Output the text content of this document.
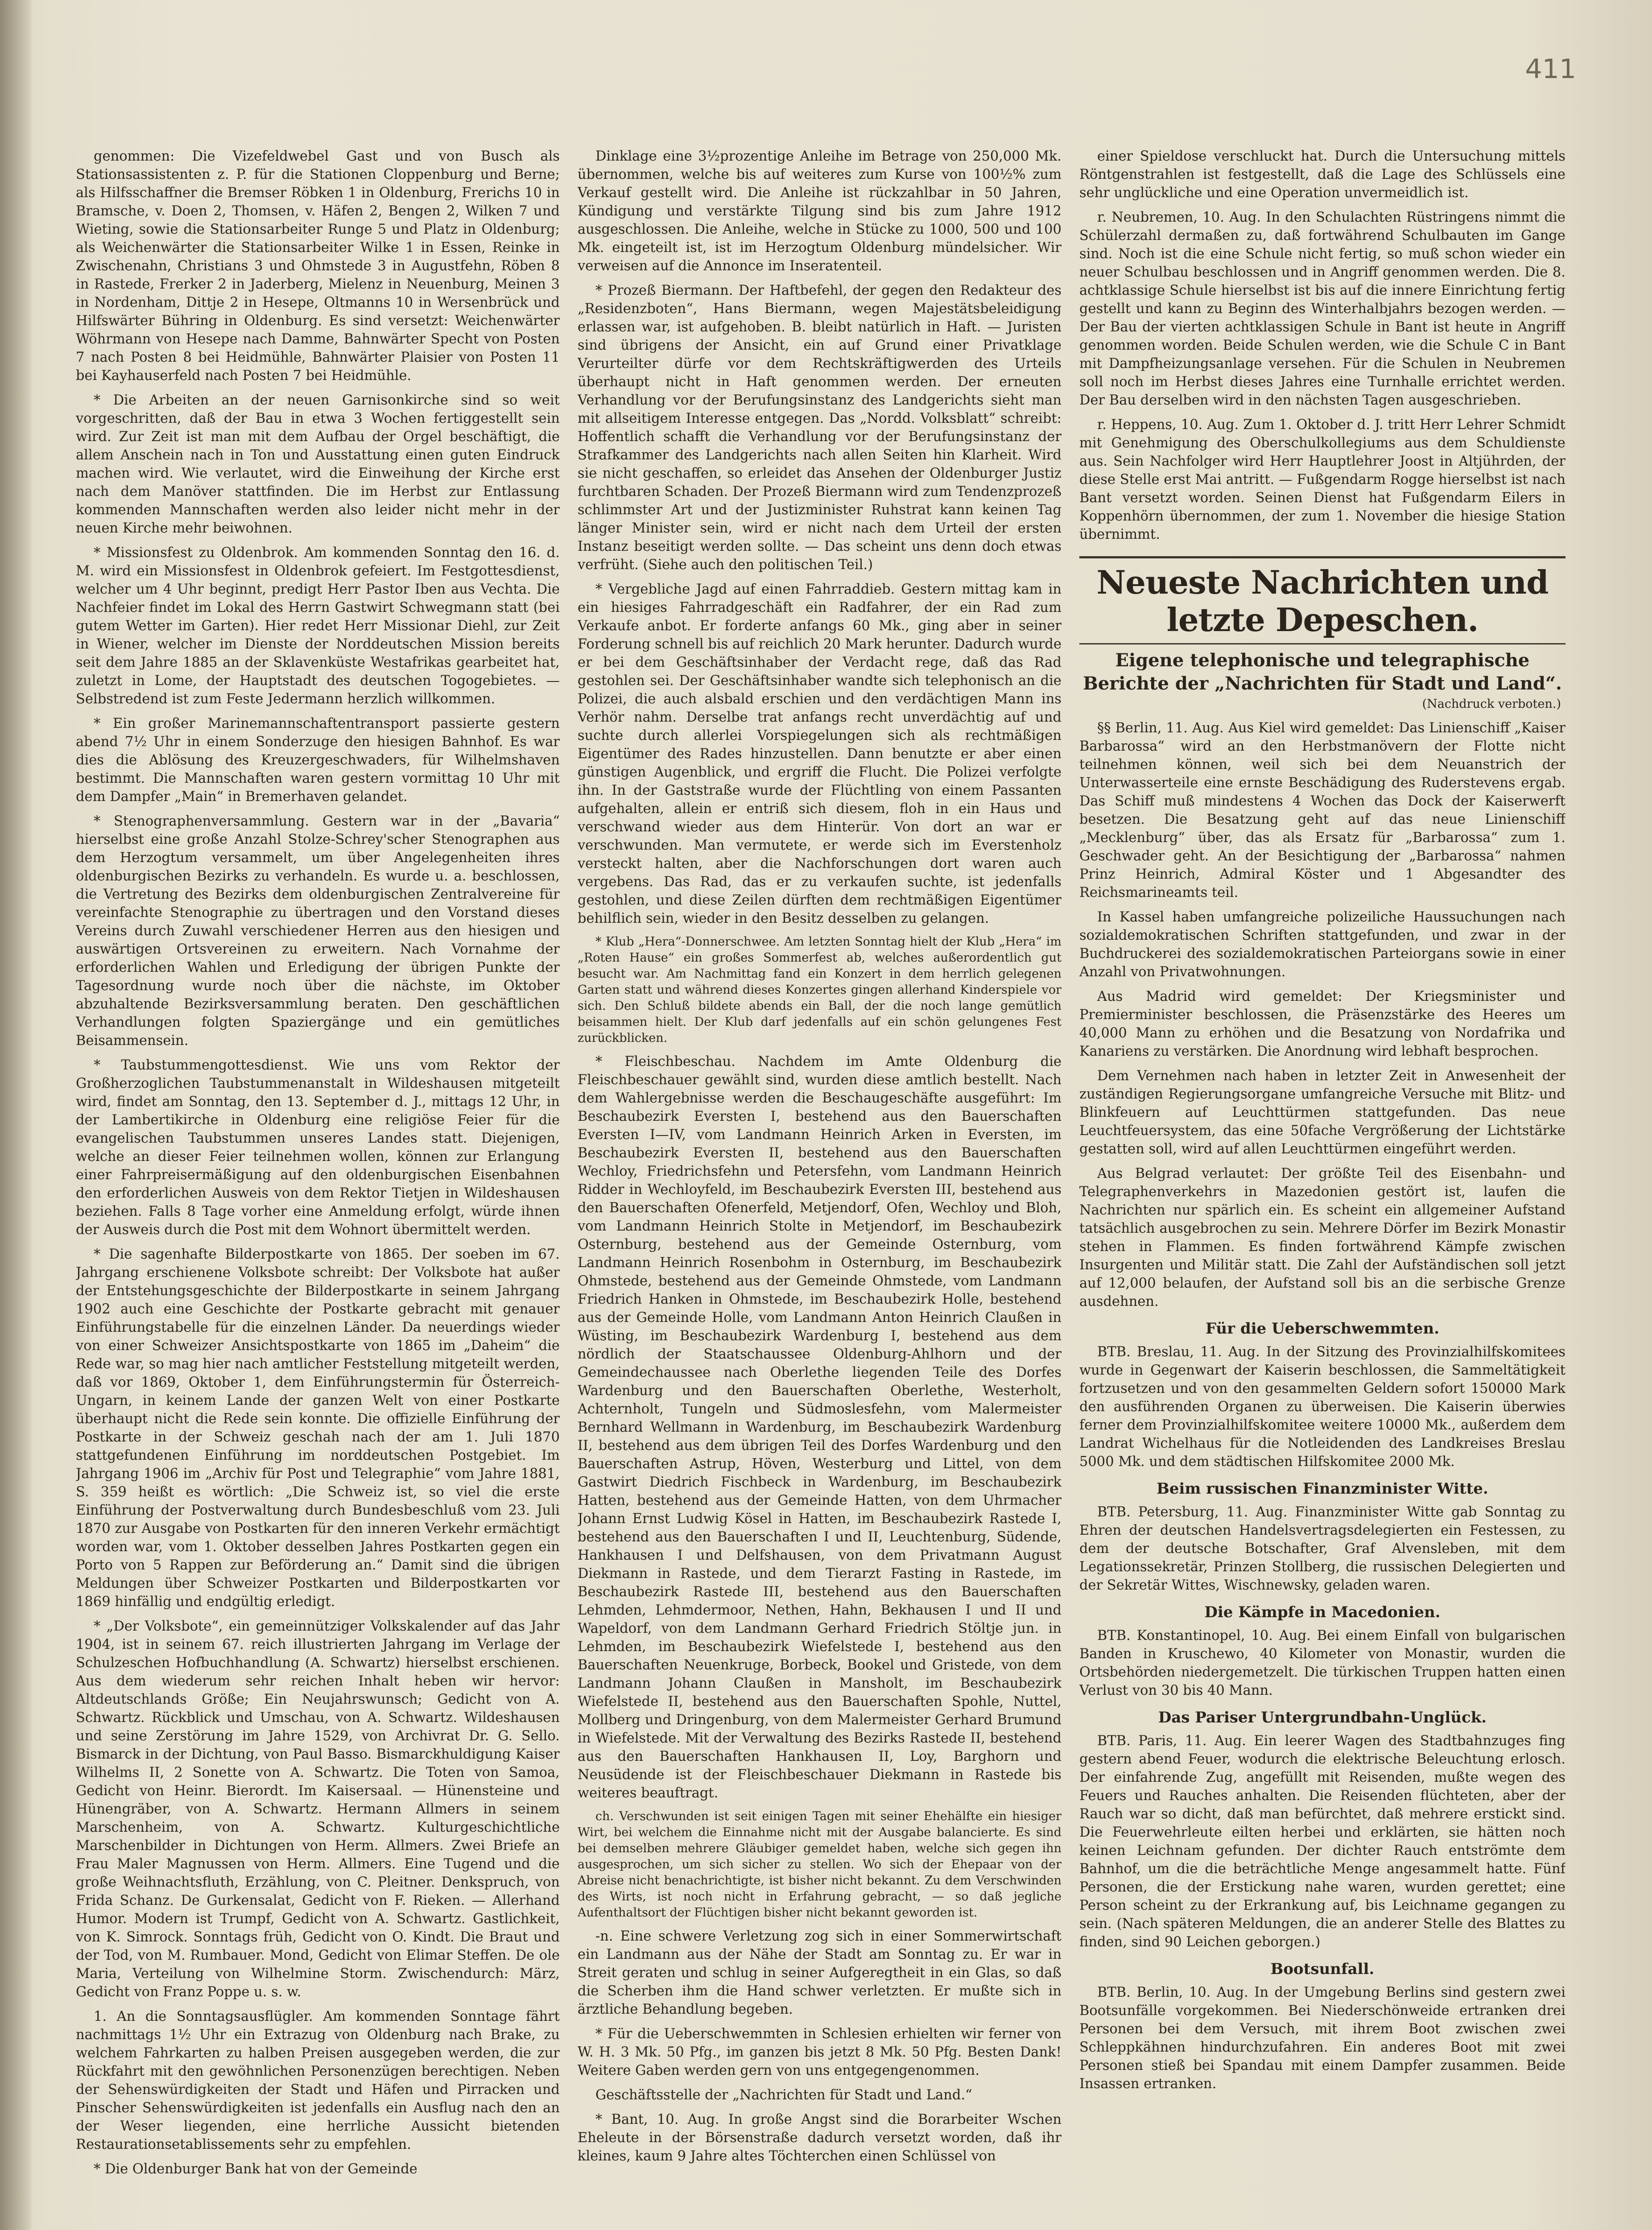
411

genommen: Die Vizefeldwebel Gast und von Busch als Stationsassistenten z. P. für die Stationen Cloppenburg und Berne; als Hilfsschaffner die Bremser Röbken 1 in Oldenburg, Frerichs 10 in Bramsche, v. Doen 2, Thomsen, v. Häfen 2, Bengen 2, Wilken 7 und Wieting, sowie die Stationsarbeiter Runge 5 und Platz in Oldenburg; als Weichenwärter die Stationsarbeiter Wilke 1 in Essen, Reinke in Zwischenahn, Christians 3 und Ohmstede 3 in Augustfehn, Röben 8 in Rastede, Frerker 2 in Jaderberg, Mielenz in Neuenburg, Meinen 3 in Nordenham, Dittje 2 in Hesepe, Oltmanns 10 in Wersenbrück und Hilfswärter Bühring in Oldenburg. Es sind versetzt: Weichenwärter Wöhrmann von Hesepe nach Damme, Bahnwärter Specht von Posten 7 nach Posten 8 bei Heidmühle, Bahnwärter Plaisier von Posten 11 bei Kayhauserfeld nach Posten 7 bei Heidmühle.

* Die Arbeiten an der neuen Garnisonkirche sind so weit vorgeschritten, daß der Bau in etwa 3 Wochen fertiggestellt sein wird. Zur Zeit ist man mit dem Aufbau der Orgel beschäftigt, die allem Anschein nach in Ton und Ausstattung einen guten Eindruck machen wird. Wie verlautet, wird die Einweihung der Kirche erst nach dem Manöver stattfinden. Die im Herbst zur Entlassung kommenden Mannschaften werden also leider nicht mehr in der neuen Kirche mehr beiwohnen.

* Missionsfest zu Oldenbrok. Am kommenden Sonntag den 16. d. M. wird ein Missionsfest in Oldenbrok gefeiert. Im Festgottesdienst, welcher um 4 Uhr beginnt, predigt Herr Pastor Iben aus Vechta. Die Nachfeier findet im Lokal des Herrn Gastwirt Schwegmann statt (bei gutem Wetter im Garten). Hier redet Herr Missionar Diehl, zur Zeit in Wiener, welcher im Dienste der Norddeutschen Mission bereits seit dem Jahre 1885 an der Sklavenküste Westafrikas gearbeitet hat, zuletzt in Lome, der Hauptstadt des deutschen Togogebietes. — Selbstredend ist zum Feste Jedermann herzlich willkommen.

* Ein großer Marinemannschaftentransport passierte gestern abend 7½ Uhr in einem Sonderzuge den hiesigen Bahnhof. Es war dies die Ablösung des Kreuzergeschwaders, für Wilhelmshaven bestimmt. Die Mannschaften waren gestern vormittag 10 Uhr mit dem Dampfer „Main“ in Bremerhaven gelandet.

* Stenographenversammlung. Gestern war in der „Bavaria“ hierselbst eine große Anzahl Stolze-Schrey'scher Stenographen aus dem Herzogtum versammelt, um über Angelegenheiten ihres oldenburgischen Bezirks zu verhandeln. Es wurde u. a. beschlossen, die Vertretung des Bezirks dem oldenburgischen Zentralvereine für vereinfachte Stenographie zu übertragen und den Vorstand dieses Vereins durch Zuwahl verschiedener Herren aus den hiesigen und auswärtigen Ortsvereinen zu erweitern. Nach Vornahme der erforderlichen Wahlen und Erledigung der übrigen Punkte der Tagesordnung wurde noch über die nächste, im Oktober abzuhaltende Bezirksversammlung beraten. Den geschäftlichen Verhandlungen folgten Spaziergänge und ein gemütliches Beisammensein.

* Taubstummengottesdienst. Wie uns vom Rektor der Großherzoglichen Taubstummenanstalt in Wildeshausen mitgeteilt wird, findet am Sonntag, den 13. September d. J., mittags 12 Uhr, in der Lambertikirche in Oldenburg eine religiöse Feier für die evangelischen Taubstummen unseres Landes statt. Diejenigen, welche an dieser Feier teilnehmen wollen, können zur Erlangung einer Fahrpreisermäßigung auf den oldenburgischen Eisenbahnen den erforderlichen Ausweis von dem Rektor Tietjen in Wildeshausen beziehen. Falls 8 Tage vorher eine Anmeldung erfolgt, würde ihnen der Ausweis durch die Post mit dem Wohnort übermittelt werden.

* Die sagenhafte Bilderpostkarte von 1865. Der soeben im 67. Jahrgang erschienene Volksbote schreibt: Der Volksbote hat außer der Entstehungsgeschichte der Bilderpostkarte in seinem Jahrgang 1902 auch eine Geschichte der Postkarte gebracht mit genauer Einführungstabelle für die einzelnen Länder. Da neuerdings wieder von einer Schweizer Ansichtspostkarte von 1865 im „Daheim“ die Rede war, so mag hier nach amtlicher Feststellung mitgeteilt werden, daß vor 1869, Oktober 1, dem Einführungstermin für Österreich-Ungarn, in keinem Lande der ganzen Welt von einer Postkarte überhaupt nicht die Rede sein konnte. Die offizielle Einführung der Postkarte in der Schweiz geschah nach der am 1. Juli 1870 stattgefundenen Einführung im norddeutschen Postgebiet. Im Jahrgang 1906 im „Archiv für Post und Telegraphie“ vom Jahre 1881, S. 359 heißt es wörtlich: „Die Schweiz ist, so viel die erste Einführung der Postverwaltung durch Bundesbeschluß vom 23. Juli 1870 zur Ausgabe von Postkarten für den inneren Verkehr ermächtigt worden war, vom 1. Oktober desselben Jahres Postkarten gegen ein Porto von 5 Rappen zur Beförderung an.“ Damit sind die übrigen Meldungen über Schweizer Postkarten und Bilderpostkarten vor 1869 hinfällig und endgültig erledigt.

* „Der Volksbote“, ein gemeinnütziger Volkskalender auf das Jahr 1904, ist in seinem 67. reich illustrierten Jahrgang im Verlage der Schulzeschen Hofbuchhandlung (A. Schwartz) hierselbst erschienen. Aus dem wiederum sehr reichen Inhalt heben wir hervor: Altdeutschlands Größe; Ein Neujahrswunsch; Gedicht von A. Schwartz. Rückblick und Umschau, von A. Schwartz. Wildeshausen und seine Zerstörung im Jahre 1529, von Archivrat Dr. G. Sello. Bismarck in der Dichtung, von Paul Basso. Bismarckhuldigung Kaiser Wilhelms II, 2 Sonette von A. Schwartz. Die Toten von Samoa, Gedicht von Heinr. Bierordt. Im Kaisersaal. — Hünensteine und Hünengräber, von A. Schwartz. Hermann Allmers in seinem Marschenheim, von A. Schwartz. Kulturgeschichtliche Marschenbilder in Dichtungen von Herm. Allmers. Zwei Briefe an Frau Maler Magnussen von Herm. Allmers. Eine Tugend und die große Weihnachtsfluth, Erzählung, von C. Pleitner. Denkspruch, von Frida Schanz. De Gurkensalat, Gedicht von F. Rieken. — Allerhand Humor. Modern ist Trumpf, Gedicht von A. Schwartz. Gastlichkeit, von K. Simrock. Sonntags früh, Gedicht von O. Kindt. Die Braut und der Tod, von M. Rumbauer. Mond, Gedicht von Elimar Steffen. De ole Maria, Verteilung von Wilhelmine Storm. Zwischendurch: März, Gedicht von Franz Poppe u. s. w.

1. An die Sonntagsausflügler. Am kommenden Sonntage fährt nachmittags 1½ Uhr ein Extrazug von Oldenburg nach Brake, zu welchem Fahrkarten zu halben Preisen ausgegeben werden, die zur Rückfahrt mit den gewöhnlichen Personenzügen berechtigen. Neben der Sehenswürdigkeiten der Stadt und Häfen und Pirracken und Pinscher Sehenswürdigkeiten ist jedenfalls ein Ausflug nach den an der Weser liegenden, eine herrliche Aussicht bietenden Restaurationsetablissements sehr zu empfehlen.

* Die Oldenburger Bank hat von der Gemeinde

Dinklage eine 3½prozentige Anleihe im Betrage von 250,000 Mk. übernommen, welche bis auf weiteres zum Kurse von 100½% zum Verkauf gestellt wird. Die Anleihe ist rückzahlbar in 50 Jahren, Kündigung und verstärkte Tilgung sind bis zum Jahre 1912 ausgeschlossen. Die Anleihe, welche in Stücke zu 1000, 500 und 100 Mk. eingeteilt ist, ist im Herzogtum Oldenburg mündelsicher. Wir verweisen auf die Annonce im Inseratenteil.

* Prozeß Biermann. Der Haftbefehl, der gegen den Redakteur des „Residenzboten“, Hans Biermann, wegen Majestätsbeleidigung erlassen war, ist aufgehoben. B. bleibt natürlich in Haft. — Juristen sind übrigens der Ansicht, ein auf Grund einer Privatklage Verurteilter dürfe vor dem Rechtskräftigwerden des Urteils überhaupt nicht in Haft genommen werden. Der erneuten Verhandlung vor der Berufungsinstanz des Landgerichts sieht man mit allseitigem Interesse entgegen. Das „Nordd. Volksblatt“ schreibt: Hoffentlich schafft die Verhandlung vor der Berufungsinstanz der Strafkammer des Landgerichts nach allen Seiten hin Klarheit. Wird sie nicht geschaffen, so erleidet das Ansehen der Oldenburger Justiz furchtbaren Schaden. Der Prozeß Biermann wird zum Tendenzprozeß schlimmster Art und der Justizminister Ruhstrat kann keinen Tag länger Minister sein, wird er nicht nach dem Urteil der ersten Instanz beseitigt werden sollte. — Das scheint uns denn doch etwas verfrüht. (Siehe auch den politischen Teil.)

* Vergebliche Jagd auf einen Fahrraddieb. Gestern mittag kam in ein hiesiges Fahrradgeschäft ein Radfahrer, der ein Rad zum Verkaufe anbot. Er forderte anfangs 60 Mk., ging aber in seiner Forderung schnell bis auf reichlich 20 Mark herunter. Dadurch wurde er bei dem Geschäftsinhaber der Verdacht rege, daß das Rad gestohlen sei. Der Geschäftsinhaber wandte sich telephonisch an die Polizei, die auch alsbald erschien und den verdächtigen Mann ins Verhör nahm. Derselbe trat anfangs recht unverdächtig auf und suchte durch allerlei Vorspiegelungen sich als rechtmäßigen Eigentümer des Rades hinzustellen. Dann benutzte er aber einen günstigen Augenblick, und ergriff die Flucht. Die Polizei verfolgte ihn. In der Gaststraße wurde der Flüchtling von einem Passanten aufgehalten, allein er entriß sich diesem, floh in ein Haus und verschwand wieder aus dem Hinterür. Von dort an war er verschwunden. Man vermutete, er werde sich im Everstenholz versteckt halten, aber die Nachforschungen dort waren auch vergebens. Das Rad, das er zu verkaufen suchte, ist jedenfalls gestohlen, und diese Zeilen dürften dem rechtmäßigen Eigentümer behilflich sein, wieder in den Besitz desselben zu gelangen.

* Klub „Hera“-Donnerschwee. Am letzten Sonntag hielt der Klub „Hera“ im „Roten Hause“ ein großes Sommerfest ab, welches außerordentlich gut besucht war. Am Nachmittag fand ein Konzert in dem herrlich gelegenen Garten statt und während dieses Konzertes gingen allerhand Kinderspiele vor sich. Den Schluß bildete abends ein Ball, der die noch lange gemütlich beisammen hielt. Der Klub darf jedenfalls auf ein schön gelungenes Fest zurückblicken.

* Fleischbeschau. Nachdem im Amte Oldenburg die Fleischbeschauer gewählt sind, wurden diese amtlich bestellt. Nach dem Wahlergebnisse werden die Beschaugeschäfte ausgeführt: Im Beschaubezirk Eversten I, bestehend aus den Bauerschaften Eversten I—IV, vom Landmann Heinrich Arken in Eversten, im Beschaubezirk Eversten II, bestehend aus den Bauerschaften Wechloy, Friedrichsfehn und Petersfehn, vom Landmann Heinrich Ridder in Wechloyfeld, im Beschaubezirk Eversten III, bestehend aus den Bauerschaften Ofenerfeld, Metjendorf, Ofen, Wechloy und Bloh, vom Landmann Heinrich Stolte in Metjendorf, im Beschaubezirk Osternburg, bestehend aus der Gemeinde Osternburg, vom Landmann Heinrich Rosenbohm in Osternburg, im Beschaubezirk Ohmstede, bestehend aus der Gemeinde Ohmstede, vom Landmann Friedrich Hanken in Ohmstede, im Beschaubezirk Holle, bestehend aus der Gemeinde Holle, vom Landmann Anton Heinrich Claußen in Wüsting, im Beschaubezirk Wardenburg I, bestehend aus dem nördlich der Staatschaussee Oldenburg-Ahlhorn und der Gemeindechaussee nach Oberlethe liegenden Teile des Dorfes Wardenburg und den Bauerschaften Oberlethe, Westerholt, Achternholt, Tungeln und Südmoslesfehn, vom Malermeister Bernhard Wellmann in Wardenburg, im Beschaubezirk Wardenburg II, bestehend aus dem übrigen Teil des Dorfes Wardenburg und den Bauerschaften Astrup, Höven, Westerburg und Littel, von dem Gastwirt Diedrich Fischbeck in Wardenburg, im Beschaubezirk Hatten, bestehend aus der Gemeinde Hatten, von dem Uhrmacher Johann Ernst Ludwig Kösel in Hatten, im Beschaubezirk Rastede I, bestehend aus den Bauerschaften I und II, Leuchtenburg, Südende, Hankhausen I und Delfshausen, von dem Privatmann August Diekmann in Rastede, und dem Tierarzt Fasting in Rastede, im Beschaubezirk Rastede III, bestehend aus den Bauerschaften Lehmden, Lehmdermoor, Nethen, Hahn, Bekhausen I und II und Wapeldorf, von dem Landmann Gerhard Friedrich Stöltje jun. in Lehmden, im Beschaubezirk Wiefelstede I, bestehend aus den Bauerschaften Neuenkruge, Borbeck, Bookel und Gristede, von dem Landmann Johann Claußen in Mansholt, im Beschaubezirk Wiefelstede II, bestehend aus den Bauerschaften Spohle, Nuttel, Mollberg und Dringenburg, von dem Malermeister Gerhard Brumund in Wiefelstede. Mit der Verwaltung des Bezirks Rastede II, bestehend aus den Bauerschaften Hankhausen II, Loy, Barghorn und Neusüdende ist der Fleischbeschauer Diekmann in Rastede bis weiteres beauftragt.

ch. Verschwunden ist seit einigen Tagen mit seiner Ehehälfte ein hiesiger Wirt, bei welchem die Einnahme nicht mit der Ausgabe balancierte. Es sind bei demselben mehrere Gläubiger gemeldet haben, welche sich gegen ihn ausgesprochen, um sich sicher zu stellen. Wo sich der Ehepaar von der Abreise nicht benachrichtigte, ist bisher nicht bekannt. Zu dem Verschwinden des Wirts, ist noch nicht in Erfahrung gebracht, — so daß jegliche Aufenthaltsort der Flüchtigen bisher nicht bekannt geworden ist.

-n. Eine schwere Verletzung zog sich in einer Sommerwirtschaft ein Landmann aus der Nähe der Stadt am Sonntag zu. Er war in Streit geraten und schlug in seiner Aufgeregtheit in ein Glas, so daß die Scherben ihm die Hand schwer verletzten. Er mußte sich in ärztliche Behandlung begeben.

* Für die Ueberschwemmten in Schlesien erhielten wir ferner von W. H. 3 Mk. 50 Pfg., im ganzen bis jetzt 8 Mk. 50 Pfg. Besten Dank! Weitere Gaben werden gern von uns entgegengenommen.

Geschäftsstelle der „Nachrichten für Stadt und Land.“

* Bant, 10. Aug. In große Angst sind die Borarbeiter Wschen Eheleute in der Börsenstraße dadurch versetzt worden, daß ihr kleines, kaum 9 Jahre altes Töchterchen einen Schlüssel von

einer Spieldose verschluckt hat. Durch die Untersuchung mittels Röntgenstrahlen ist festgestellt, daß die Lage des Schlüssels eine sehr unglückliche und eine Operation unvermeidlich ist.

r. Neubremen, 10. Aug. In den Schulachten Rüstringens nimmt die Schülerzahl dermaßen zu, daß fortwährend Schulbauten im Gange sind. Noch ist die eine Schule nicht fertig, so muß schon wieder ein neuer Schulbau beschlossen und in Angriff genommen werden. Die 8. achtklassige Schule hierselbst ist bis auf die innere Einrichtung fertig gestellt und kann zu Beginn des Winterhalbjahrs bezogen werden. — Der Bau der vierten achtklassigen Schule in Bant ist heute in Angriff genommen worden. Beide Schulen werden, wie die Schule C in Bant mit Dampfheizungsanlage versehen. Für die Schulen in Neubremen soll noch im Herbst dieses Jahres eine Turnhalle errichtet werden. Der Bau derselben wird in den nächsten Tagen ausgeschrieben.

r. Heppens, 10. Aug. Zum 1. Oktober d. J. tritt Herr Lehrer Schmidt mit Genehmigung des Oberschulkollegiums aus dem Schuldienste aus. Sein Nachfolger wird Herr Hauptlehrer Joost in Altjührden, der diese Stelle erst Mai antritt. — Fußgendarm Rogge hierselbst ist nach Bant versetzt worden. Seinen Dienst hat Fußgendarm Eilers in Koppenhörn übernommen, der zum 1. November die hiesige Station übernimmt.

Neueste Nachrichten und letzte Depeschen.
Eigene telephonische und telegraphische Berichte der „Nachrichten für Stadt und Land“.
(Nachdruck verboten.)

§§ Berlin, 11. Aug. Aus Kiel wird gemeldet: Das Linienschiff „Kaiser Barbarossa“ wird an den Herbstmanövern der Flotte nicht teilnehmen können, weil sich bei dem Neuanstrich der Unterwasserteile eine ernste Beschädigung des Ruderstevens ergab. Das Schiff muß mindestens 4 Wochen das Dock der Kaiserwerft besetzen. Die Besatzung geht auf das neue Linienschiff „Mecklenburg“ über, das als Ersatz für „Barbarossa“ zum 1. Geschwader geht. An der Besichtigung der „Barbarossa“ nahmen Prinz Heinrich, Admiral Köster und 1 Abgesandter des Reichsmarineamts teil.

In Kassel haben umfangreiche polizeiliche Haussuchungen nach sozialdemokratischen Schriften stattgefunden, und zwar in der Buchdruckerei des sozialdemokratischen Parteiorgans sowie in einer Anzahl von Privatwohnungen.

Aus Madrid wird gemeldet: Der Kriegsminister und Premierminister beschlossen, die Präsenzstärke des Heeres um 40,000 Mann zu erhöhen und die Besatzung von Nordafrika und Kanariens zu verstärken. Die Anordnung wird lebhaft besprochen.

Dem Vernehmen nach haben in letzter Zeit in Anwesenheit der zuständigen Regierungsorgane umfangreiche Versuche mit Blitz- und Blinkfeuern auf Leuchttürmen stattgefunden. Das neue Leuchtfeuersystem, das eine 50fache Vergrößerung der Lichtstärke gestatten soll, wird auf allen Leuchttürmen eingeführt werden.

Aus Belgrad verlautet: Der größte Teil des Eisenbahn- und Telegraphenverkehrs in Mazedonien gestört ist, laufen die Nachrichten nur spärlich ein. Es scheint ein allgemeiner Aufstand tatsächlich ausgebrochen zu sein. Mehrere Dörfer im Bezirk Monastir stehen in Flammen. Es finden fortwährend Kämpfe zwischen Insurgenten und Militär statt. Die Zahl der Aufständischen soll jetzt auf 12,000 belaufen, der Aufstand soll bis an die serbische Grenze ausdehnen.

Für die Ueberschwemmten.

BTB. Breslau, 11. Aug. In der Sitzung des Provinzialhilfskomitees wurde in Gegenwart der Kaiserin beschlossen, die Sammeltätigkeit fortzusetzen und von den gesammelten Geldern sofort 150000 Mark den ausführenden Organen zu überweisen. Die Kaiserin überwies ferner dem Provinzialhilfskomitee weitere 10000 Mk., außerdem dem Landrat Wichelhaus für die Notleidenden des Landkreises Breslau 5000 Mk. und dem städtischen Hilfskomitee 2000 Mk.

Beim russischen Finanzminister Witte.

BTB. Petersburg, 11. Aug. Finanzminister Witte gab Sonntag zu Ehren der deutschen Handelsvertragsdelegierten ein Festessen, zu dem der deutsche Botschafter, Graf Alvensleben, mit dem Legationssekretär, Prinzen Stollberg, die russischen Delegierten und der Sekretär Wittes, Wischnewsky, geladen waren.

Die Kämpfe in Macedonien.

BTB. Konstantinopel, 10. Aug. Bei einem Einfall von bulgarischen Banden in Kruschewo, 40 Kilometer von Monastir, wurden die Ortsbehörden niedergemetzelt. Die türkischen Truppen hatten einen Verlust von 30 bis 40 Mann.

Das Pariser Untergrundbahn-Unglück.

BTB. Paris, 11. Aug. Ein leerer Wagen des Stadtbahnzuges fing gestern abend Feuer, wodurch die elektrische Beleuchtung erlosch. Der einfahrende Zug, angefüllt mit Reisenden, mußte wegen des Feuers und Rauches anhalten. Die Reisenden flüchteten, aber der Rauch war so dicht, daß man befürchtet, daß mehrere erstickt sind. Die Feuerwehrleute eilten herbei und erklärten, sie hätten noch keinen Leichnam gefunden. Der dichter Rauch entströmte dem Bahnhof, um die die beträchtliche Menge angesammelt hatte. Fünf Personen, die der Erstickung nahe waren, wurden gerettet; eine Person scheint zu der Erkrankung auf, bis Leichname gegangen zu sein. (Nach späteren Meldungen, die an anderer Stelle des Blattes zu finden, sind 90 Leichen geborgen.)

Bootsunfall.

BTB. Berlin, 10. Aug. In der Umgebung Berlins sind gestern zwei Bootsunfälle vorgekommen. Bei Niederschönweide ertranken drei Personen bei dem Versuch, mit ihrem Boot zwischen zwei Schleppkähnen hindurchzufahren. Ein anderes Boot mit zwei Personen stieß bei Spandau mit einem Dampfer zusammen. Beide Insassen ertranken.
